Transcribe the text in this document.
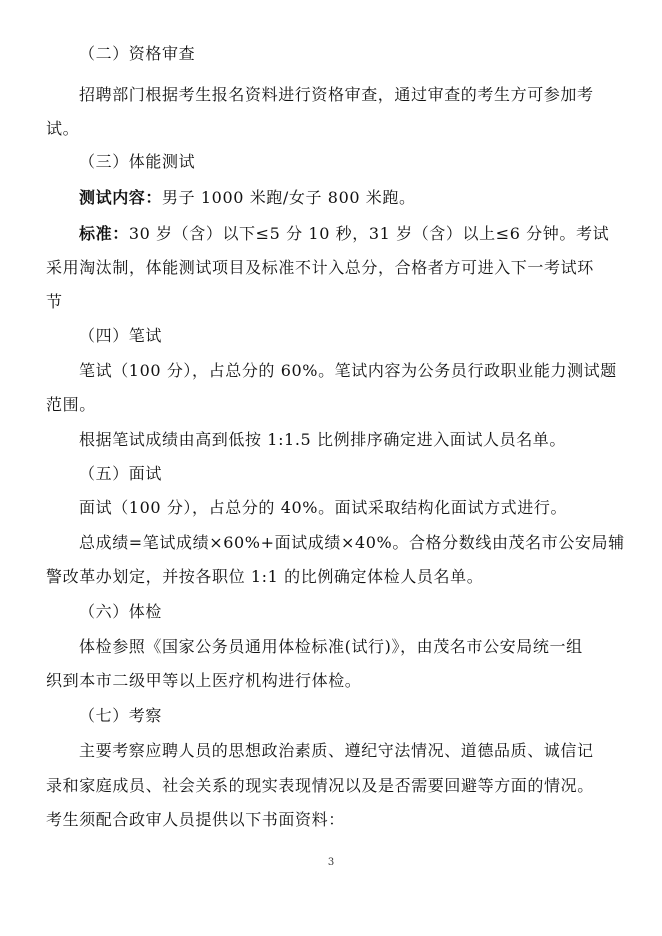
（二）资格审查
招聘部门根据考生报名资料进行资格审查，通过审查的考生方可参加考
试。
（三）体能测试
测试内容：男子 1000 米跑/女子 800 米跑。
标准：30 岁（含）以下≤5 分 10 秒，31 岁（含）以上≤6 分钟。考试
采用淘汰制，体能测试项目及标准不计入总分，合格者方可进入下一考试环
节
（四）笔试
笔试（100 分），占总分的 60%。笔试内容为公务员行政职业能力测试题
范围。
根据笔试成绩由高到低按 1:1.5 比例排序确定进入面试人员名单。
（五）面试
面试（100 分），占总分的 40%。面试采取结构化面试方式进行。
总成绩=笔试成绩×60%+面试成绩×40%。合格分数线由茂名市公安局辅
警改革办划定，并按各职位 1:1 的比例确定体检人员名单。
（六）体检
体检参照《国家公务员通用体检标准(试行)》，由茂名市公安局统一组
织到本市二级甲等以上医疗机构进行体检。
（七）考察
主要考察应聘人员的思想政治素质、遵纪守法情况、道德品质、诚信记
录和家庭成员、社会关系的现实表现情况以及是否需要回避等方面的情况。
考生须配合政审人员提供以下书面资料：
3
